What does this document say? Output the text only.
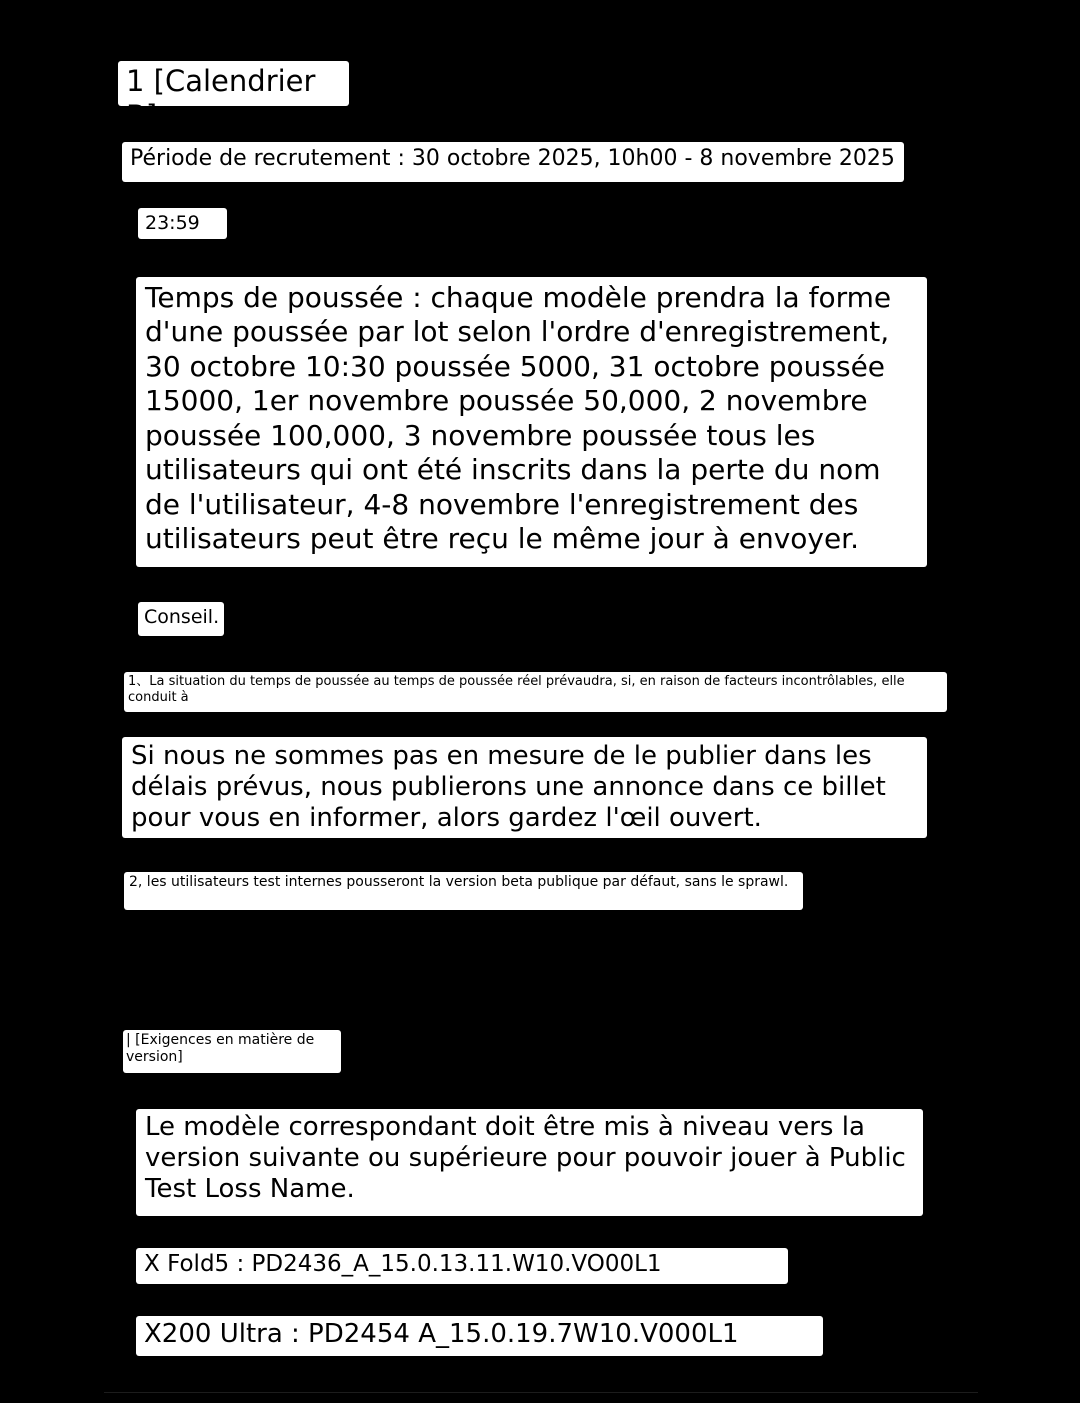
1 [Calendrier B]
Période de recrutement : 30 octobre 2025, 10h00 - 8 novembre 2025
23:59
Temps de poussée : chaque modèle prendra la forme d'une poussée par lot selon l'ordre d'enregistrement, 30 octobre 10:30 poussée 5000, 31 octobre poussée 15000, 1er novembre poussée 50,000, 2 novembre poussée 100,000, 3 novembre poussée tous les utilisateurs qui ont été inscrits dans la perte du nom de l'utilisateur, 4-8 novembre l'enregistrement des utilisateurs peut être reçu le même jour à envoyer.
Conseil.
1、La situation du temps de poussée au temps de poussée réel prévaudra, si, en raison de facteurs incontrôlables, elle conduit à
Si nous ne sommes pas en mesure de le publier dans les délais prévus, nous publierons une annonce dans ce billet pour vous en informer, alors gardez l'œil ouvert.
2, les utilisateurs test internes pousseront la version beta publique par défaut, sans le sprawl.
| [Exigences en matière de version]
Le modèle correspondant doit être mis à niveau vers la version suivante ou supérieure pour pouvoir jouer à Public Test Loss Name.
X Fold5 : PD2436_A_15.0.13.11.W10.VO00L1
X200 Ultra : PD2454 A_15.0.19.7W10.V000L1
